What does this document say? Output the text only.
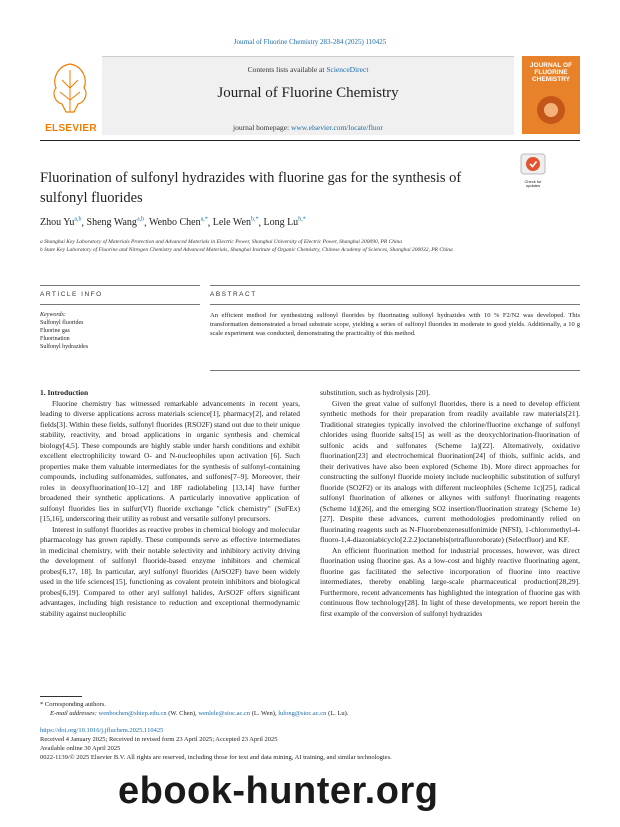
Journal of Fluorine Chemistry 283-284 (2025) 110425
ELSEVIER
Contents lists available at ScienceDirect
Journal of Fluorine Chemistry
journal homepage: www.elsevier.com/locate/fluor
JOURNAL OF FLUORINE CHEMISTRY
Fluorination of sulfonyl hydrazides with fluorine gas for the synthesis of sulfonyl fluorides
Check for updates
Zhou Yu$^{a,b}$, Sheng Wang$^{a,b}$, Wenbo Chen$^{a,*}$, Lele Wen$^{b,*}$, Long $Lu^{b,*}$
a Shanghai Key Laboratory of Materials Protection and Advanced Materials in Electric Power, Shanghai University of Electric Power, Shanghai 200090, PR China
b State Key Laboratory of Fluorine and Nitrogen Chemistry and Advanced Materials, Shanghai Institute of Organic Chemistry, Chinese Academy of Sciences, Shanghai 200032, PR China
ARTICLE INFO	ABSTRACT
Keywords:
Sulfonyl fluorides
Fluorine gas
Fluorination
Sulfonyl hydrazides
An efficient method for synthesizing sulfonyl fluorides by fluorinating sulfonyl hydrazides with 10 % F2/N2 was developed. This transformation demonstrated a broad substrate scope, yielding a series of sulfonyl fluorides in moderate to good yields. Additionally, a 10 g scale experiment was conducted, demonstrating the practicality of this method.

1. Introduction

Fluorine chemistry has witnessed remarkable advancements in recent years, leading to diverse applications across materials science[1], pharmacy[2], and related fields[3]. Within these fields, sulfonyl fluorides (RSO2F) stand out due to their unique stability, reactivity, and broad applications in organic synthesis and chemical biology[4,5]. These compounds are highly stable under harsh conditions and exhibit excellent electrophilicity toward O- and N-nucleophiles upon activation [6]. Such properties make them valuable intermediates for the synthesis of sulfonyl-containing compounds, including sulfonamides, sulfonates, and sulfones[7–9]. Moreover, their roles in deoxyfluorination[10–12] and 18F radiolabeling [13,14] have further broadened their synthetic applications. A particularly innovative application of sulfonyl fluorides lies in sulfur(VI) fluoride exchange "click chemistry" (SuFEx)[15,16], underscoring their utility as robust and versatile sulfonyl precursors.

Interest in sulfonyl fluorides as reactive probes in chemical biology and molecular pharmacology has grown rapidly. These compounds serve as effective intermediates in medicinal chemistry, with their notable selectivity and inhibitory activity driving the development of sulfonyl fluoride-based enzyme inhibitors and chemical probes[6,17, 18]. In particular, aryl sulfonyl fluorides (ArSO2F) have been widely used in the life sciences[15], functioning as covalent protein inhibitors and biological probes[6,19]. Compared to other aryl sulfonyl halides, ArSO2F offers significant advantages, including high resistance to reduction and exceptional thermodynamic stability against nucleophilic

substitution, such as hydrolysis [20].

Given the great value of sulfonyl fluorides, there is a need to develop efficient synthetic methods for their preparation from readily available raw materials[21]. Traditional strategies typically involved the chlorine/fluorine exchange of sulfonyl chlorides using fluoride salts[15] as well as the deoxychlorination-fluorination of sulfonic acids and sulfonates (Scheme 1a)[22]. Alternatively, oxidative fluorination[23] and electrochemical fluorination[24] of thiols, sulfinic acids, and their derivatives have also been explored (Scheme 1b). More direct approaches for constructing the sulfonyl fluoride moiety include nucleophilic substitution of sulfuryl fluoride (SO2F2) or its analogs with different nucleophiles (Scheme 1c)[25], radical sulfonyl fluorination of alkenes or alkynes with sulfonyl fluorinating reagents (Scheme 1d)[26], and the emerging SO2 insertion/fluorination strategy (Scheme 1e)[27]. Despite these advances, current methodologies predominantly relied on fluorinating reagents such as N-Fluorobenzenesulfonimide (NFSI), 1-chloromethyl-4-fluoro-1,4-diazoniabicyclo[2.2.2]octanebis(tetrafluoroborate) (Selectfluor) and KF.

An efficient fluorination method for industrial processes, however, was direct fluorination using fluorine gas. As a low-cost and highly reactive fluorinating agent, fluorine gas facilitated the selective incorporation of fluorine into reactive intermediates, thereby enabling large-scale pharmaceutical production[28,29]. Furthermore, recent advancements has highlighted the integration of fluorine gas with continuous flow technology[28]. In light of these developments, we report herein the first example of the conversion of sulfonyl hydrazides

* Corresponding authors.
E-mail addresses: wenbochen@shiep.edu.cn (W. Chen), wenlele@sioc.ac.cn (L. Wen), lulong@sioc.ac.cn (L. Lu).
https://doi.org/10.1016/j.jfluchem.2025.110425
Received 4 January 2025; Received in revised form 23 April 2025; Accepted 23 April 2025
Available online 30 April 2025
0022-1139/© 2025 Elsevier B.V. All rights are reserved, including those for text and data mining, AI training, and similar technologies.
ebook-hunter.org
